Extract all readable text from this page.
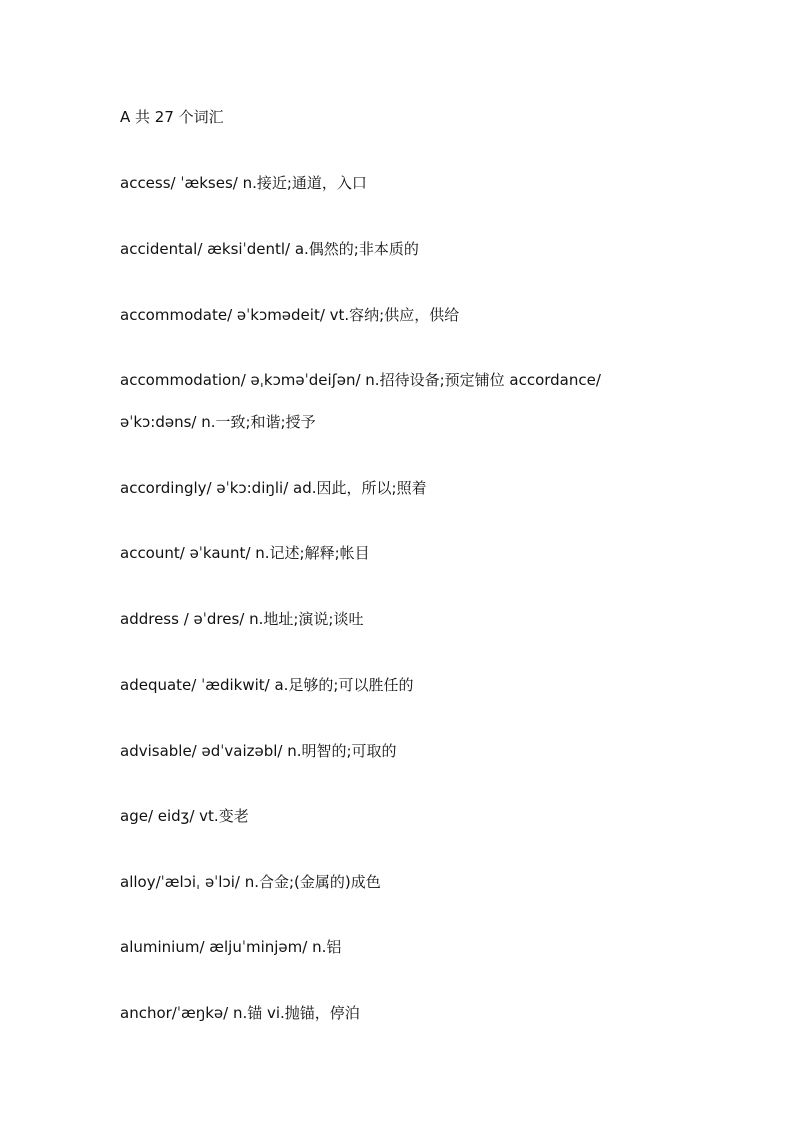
A 共 27 个词汇
access/ ˈækses/ n.接近;通道，入口
accidental/ æksiˈdentl/ a.偶然的;非本质的
accommodate/ əˈkɔmədeit/ vt.容纳;供应，供给
accommodation/ əˌkɔməˈdeiʃən/ n.招待设备;预定铺位 accordance/
əˈkɔ:dəns/ n.一致;和谐;授予
accordingly/ əˈkɔ:diŋli/ ad.因此，所以;照着
account/ əˈkaunt/ n.记述;解释;帐目
address / əˈdres/ n.地址;演说;谈吐
adequate/ ˈædikwit/ a.足够的;可以胜任的
advisable/ ədˈvaizəbl/ n.明智的;可取的
age/ eidʒ/ vt.变老
alloy/ˈælɔiˌ əˈlɔi/ n.合金;(金属的)成色
aluminium/ æljuˈminjəm/ n.铝
anchor/ˈæŋkə/ n.锚 vi.抛锚，停泊
